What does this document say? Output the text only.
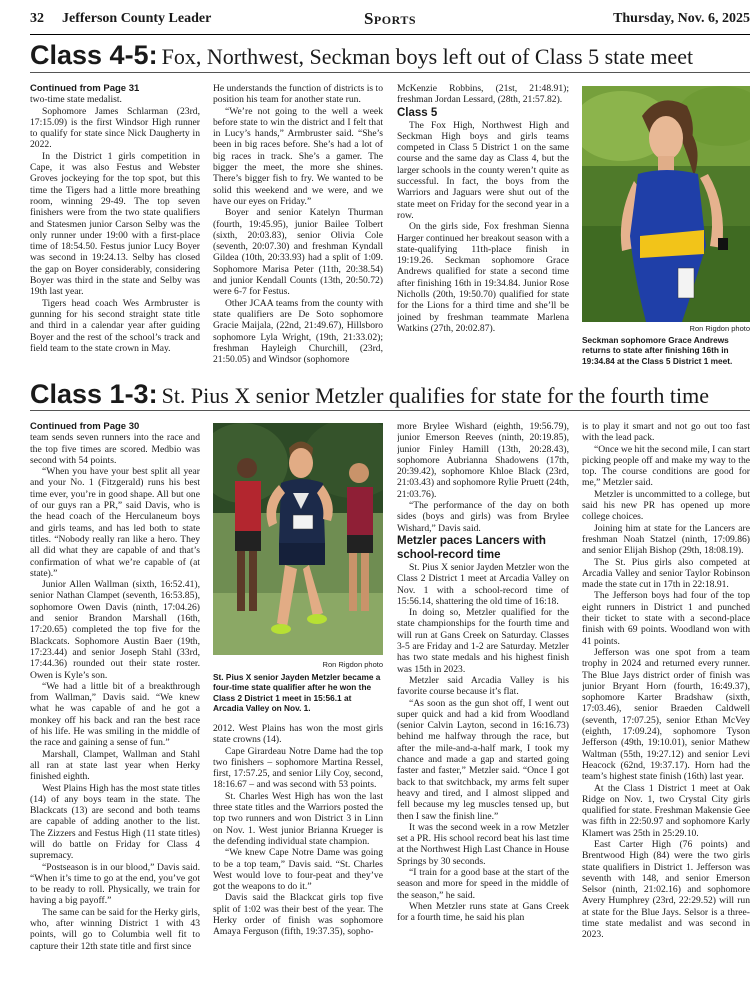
32 Jefferson County Leader	Sports	Thursday, Nov. 6, 2025
Class 4-5: Fox, Northwest, Seckman boys left out of Class 5 state meet

Continued from Page 31

two-time state medalist.

Sophomore James Schlarman (23rd, 17:15.09) is the first Windsor High runner to qualify for state since Nick Daugherty in 2022.

In the District 1 girls competition in Cape, it was also Festus and Webster Groves jockeying for the top spot, but this time the Tigers had a little more breathing room, winning 29-49. The top seven finishers were from the two state qualifiers and Statesmen junior Carson Selby was the only runner under 19:00 with a first-place time of 18:54.50. Festus junior Lucy Boyer was second in 19:24.13. Selby has closed the gap on Boyer considerably, considering Boyer was third in the state and Selby was 19th last year.

Tigers head coach Wes Armbruster is gunning for his second straight state title and third in a calendar year after guiding Boyer and the rest of the school’s track and field team to the state crown in May.

He understands the function of districts is to position his team for another state run.

“We’re not going to the well a week before state to win the district and I felt that in Lucy’s hands,” Armbruster said. “She’s been in big races before. She’s had a lot of big races in track. She’s a gamer. The bigger the meet, the more she shines. There’s bigger fish to fry. We wanted to be solid this weekend and we were, and we have our eyes on Friday.”

Boyer and senior Katelyn Thurman (fourth, 19:45.95), junior Bailee Tolbert (sixth, 20:03.83), senior Olivia Cole (seventh, 20:07.30) and freshman Kyndall Gildea (10th, 20:33.93) had a split of 1:09. Sophomore Marisa Peter (11th, 20:38.54) and junior Kendall Counts (13th, 20:50.72) were 6-7 for Festus.

Other JCAA teams from the county with state qualifiers are De Soto sophomore Gracie Maijala, (22nd, 21:49.67), Hillsboro sophomore Lyla Wright, (19th, 21:33.02); freshman Hayleigh Churchill, (23rd, 21:50.05) and Windsor (sophomore

McKenzie Robbins, (21st, 21:48.91); freshman Jordan Lessard, (28th, 21:57.82).

Class 5

The Fox High, Northwest High and Seckman High boys and girls teams competed in Class 5 District 1 on the same course and the same day as Class 4, but the larger schools in the county weren’t quite as successful. In fact, the boys from the Warriors and Jaguars were shut out of the state meet on Friday for the second year in a row.

On the girls side, Fox freshman Sienna Harger continued her breakout season with a state-qualifying 11th-place finish in 19:19.26. Seckman sophomore Grace Andrews qualified for state a second time after finishing 16th in 19:34.84. Junior Rose Nicholls (20th, 19:50.70) qualified for state for the Lions for a third time and she’ll be joined by freshman teammate Marlena Watkins (27th, 20:02.87).	Ron Rigdon photo
Seckman sophomore Grace Andrews returns to state after finishing 16th in 19:34.84 at the Class 5 District 1 meet.
Class 1-3: St. Pius X senior Metzler qualifies for state for the fourth time

Continued from Page 30

team sends seven runners into the race and the top five times are scored. Medbio was second with 54 points.

“When you have your best split all year and your No. 1 (Fitzgerald) runs his best time ever, you’re in good shape. All but one of our guys ran a PR,” said Davis, who is the head coach of the Herculaneum boys and girls teams, and has led both to state titles. “Nobody really ran like a hero. They all did what they are capable of and that’s confirmation of what we’re capable of (at state).”

Junior Allen Wallman (sixth, 16:52.41), senior Nathan Clampet (seventh, 16:53.85), sophomore Owen Davis (ninth, 17:04.26) and senior Brandon Marshall (16th, 17:20.65) completed the top five for the Blackcats. Sophomore Austin Baer (19th, 17:23.44) and senior Joseph Stahl (33rd, 17:44.36) rounded out their state roster. Owen is Kyle’s son.

“We had a little bit of a breakthrough from Wallman,” Davis said. “We knew what he was capable of and he got a monkey off his back and ran the best race of his life. He was smiling in the middle of the race and gaining a sense of fun.”

Marshall, Clampet, Wallman and Stahl all ran at state last year when Herky finished eighth.

West Plains High has the most state titles (14) of any boys team in the state. The Blackcats (13) are second and both teams are capable of adding another to the list. The Zizzers and Festus High (11 state titles) will do battle on Friday for Class 4 supremacy.

“Postseason is in our blood,” Davis said. “When it’s time to go at the end, you’ve got to be ready to roll. Physically, we train for having a big payoff.”

The same can be said for the Herky girls, who, after winning District 1 with 43 points, will go to Columbia well fit to capture their 12th state title and first since

Ron Rigdon photo
St. Pius X senior Jayden Metzler became a four-time state qualifier after he won the Class 2 District 1 meet in 15:56.1 at Arcadia Valley on Nov. 1.

2012. West Plains has won the most girls state crowns (14).

Cape Girardeau Notre Dame had the top two finishers – sophomore Martina Ressel, first, 17:57.25, and senior Lily Coy, second, 18:16.67 – and was second with 53 points.

St. Charles West High has won the last three state titles and the Warriors posted the top two runners and won District 3 in Linn on Nov. 1. West junior Brianna Krueger is the defending individual state champion.

“We knew Cape Notre Dame was going to be a top team,” Davis said. “St. Charles West would love to four-peat and they’ve got the weapons to do it.”

Davis said the Blackcat girls top five split of 1:02 was their best of the year. The Herky order of finish was sophomore Amaya Ferguson (fifth, 19:37.35), sopho-

more Brylee Wishard (eighth, 19:56.79), junior Emerson Reeves (ninth, 20:19.85), junior Finley Hamill (13th, 20:28.43), sophomore Aubrianna Shadowens (17th, 20:39.42), sophomore Khloe Black (23rd, 21:03.43) and sophomore Rylie Pruett (24th, 21:03.76).

“The performance of the day on both sides (boys and girls) was from Brylee Wishard,” Davis said.

Metzler paces Lancers with school-record time

St. Pius X senior Jayden Metzler won the Class 2 District 1 meet at Arcadia Valley on Nov. 1 with a school-record time of 15:56.14, shattering the old time of 16:18.

In doing so, Metzler qualified for the state championships for the fourth time and will run at Gans Creek on Saturday. Classes 3-5 are Friday and 1-2 are Saturday. Metzler has two state medals and his highest finish was 15th in 2023.

Metzler said Arcadia Valley is his favorite course because it’s flat.

“As soon as the gun shot off, I went out super quick and had a kid from Woodland (senior Calvin Layton, second in 16:16.73) behind me halfway through the race, but after the mile-and-a-half mark, I took my chance and made a gap and started going faster and faster,” Metzler said. “Once I got back to that switchback, my arms felt super heavy and tired, and I almost slipped and fell because my leg muscles tensed up, but then I saw the finish line.”

It was the second week in a row Metzler set a PR. His school record beat his last time at the Northwest High Last Chance in House Springs by 30 seconds.

“I train for a good base at the start of the season and more for speed in the middle of the season,” he said.

When Metzler runs state at Gans Creek for a fourth time, he said his plan

is to play it smart and not go out too fast with the lead pack.

“Once we hit the second mile, I can start picking people off and make my way to the top. The course conditions are good for me,” Metzler said.

Metzler is uncommitted to a college, but said his new PR has opened up more college choices.

Joining him at state for the Lancers are freshman Noah Statzel (ninth, 17:09.86) and senior Elijah Bishop (29th, 18:08.19).

The St. Pius girls also competed at Arcadia Valley and senior Taylor Robinson made the state cut in 17th in 22:18.91.

The Jefferson boys had four of the top eight runners in District 1 and punched their ticket to state with a second-place finish with 69 points. Woodland won with 41 points.

Jefferson was one spot from a team trophy in 2024 and returned every runner. The Blue Jays district order of finish was junior Bryant Horn (fourth, 16:49.37), sophomore Karter Bradshaw (sixth, 17:03.46), senior Braeden Caldwell (seventh, 17:07.25), senior Ethan McVey (eighth, 17:09.24), sophomore Tyson Jefferson (49th, 19:10.01), senior Mathew Waltman (55th, 19:27.12) and senior Levi Heacock (62nd, 19:37.17). Horn had the team’s highest state finish (16th) last year.

At the Class 1 District 1 meet at Oak Ridge on Nov. 1, two Crystal City girls qualified for state. Freshman Makensie Gee was fifth in 22:50.97 and sophomore Karly Klamert was 25th in 25:29.10.

East Carter High (76 points) and Brentwood High (84) were the two girls state qualifiers in District 1. Jefferson was seventh with 148, and senior Emerson Selsor (ninth, 21:02.16) and sophomore Avery Humphrey (23rd, 22:29.52) will run at state for the Blue Jays. Selsor is a three-time state medalist and was second in 2023.
